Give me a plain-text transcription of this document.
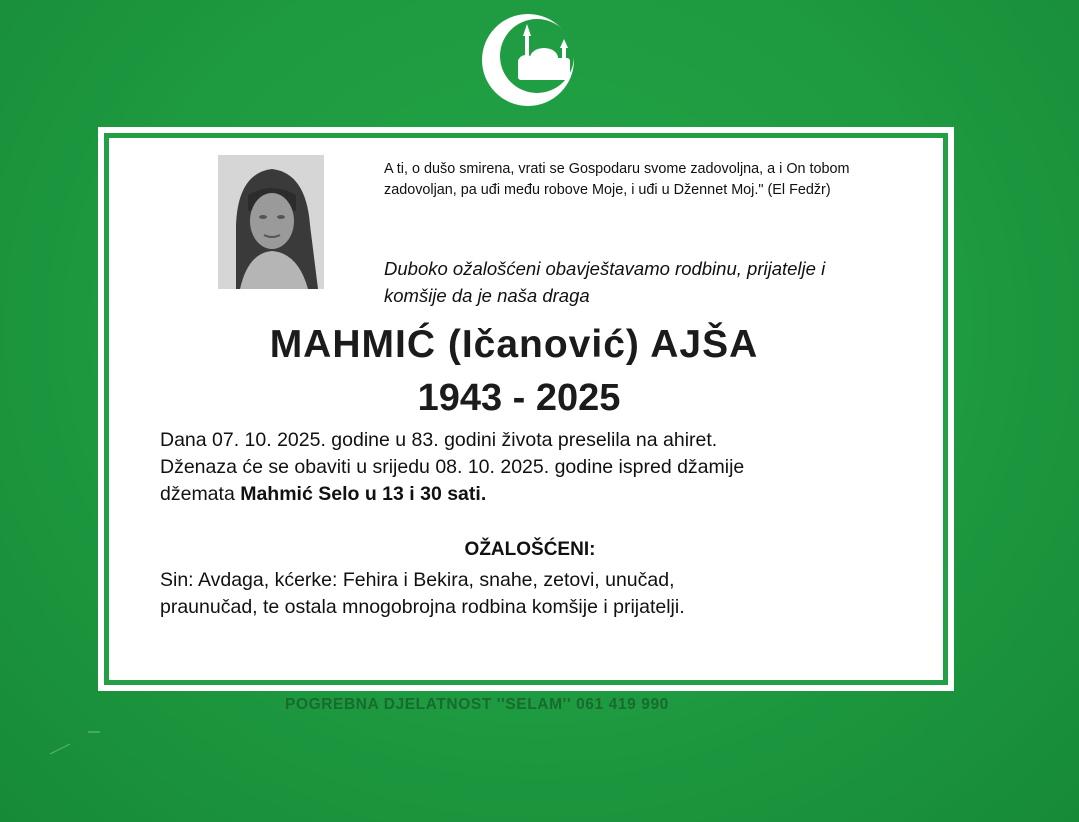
A ti, o dušo smirena, vrati se Gospodaru svome zadovoljna, a i On tobom
zadovoljan, pa uđi među robove Moje, i uđi u Džennet Moj." (El Fedžr)
Duboko ožalošćeni obavještavamo rodbinu, prijatelje i
komšije da je naša draga
MAHMIĆ (Ičanović) AJŠA
1943 - 2025
Dana 07. 10. 2025. godine u 83. godini života preselila na ahiret.
Dženaza će se obaviti u srijedu 08. 10. 2025. godine ispred džamije
džemata Mahmić Selo u 13 i 30 sati.
OŽALOŠĆENI:
Sin: Avdaga, kćerke: Fehira i Bekira, snahe, zetovi, unučad,
praunučad, te ostala mnogobrojna rodbina komšije i prijatelji.
POGREBNA DJELATNOST ''SELAM'' 061 419 990
